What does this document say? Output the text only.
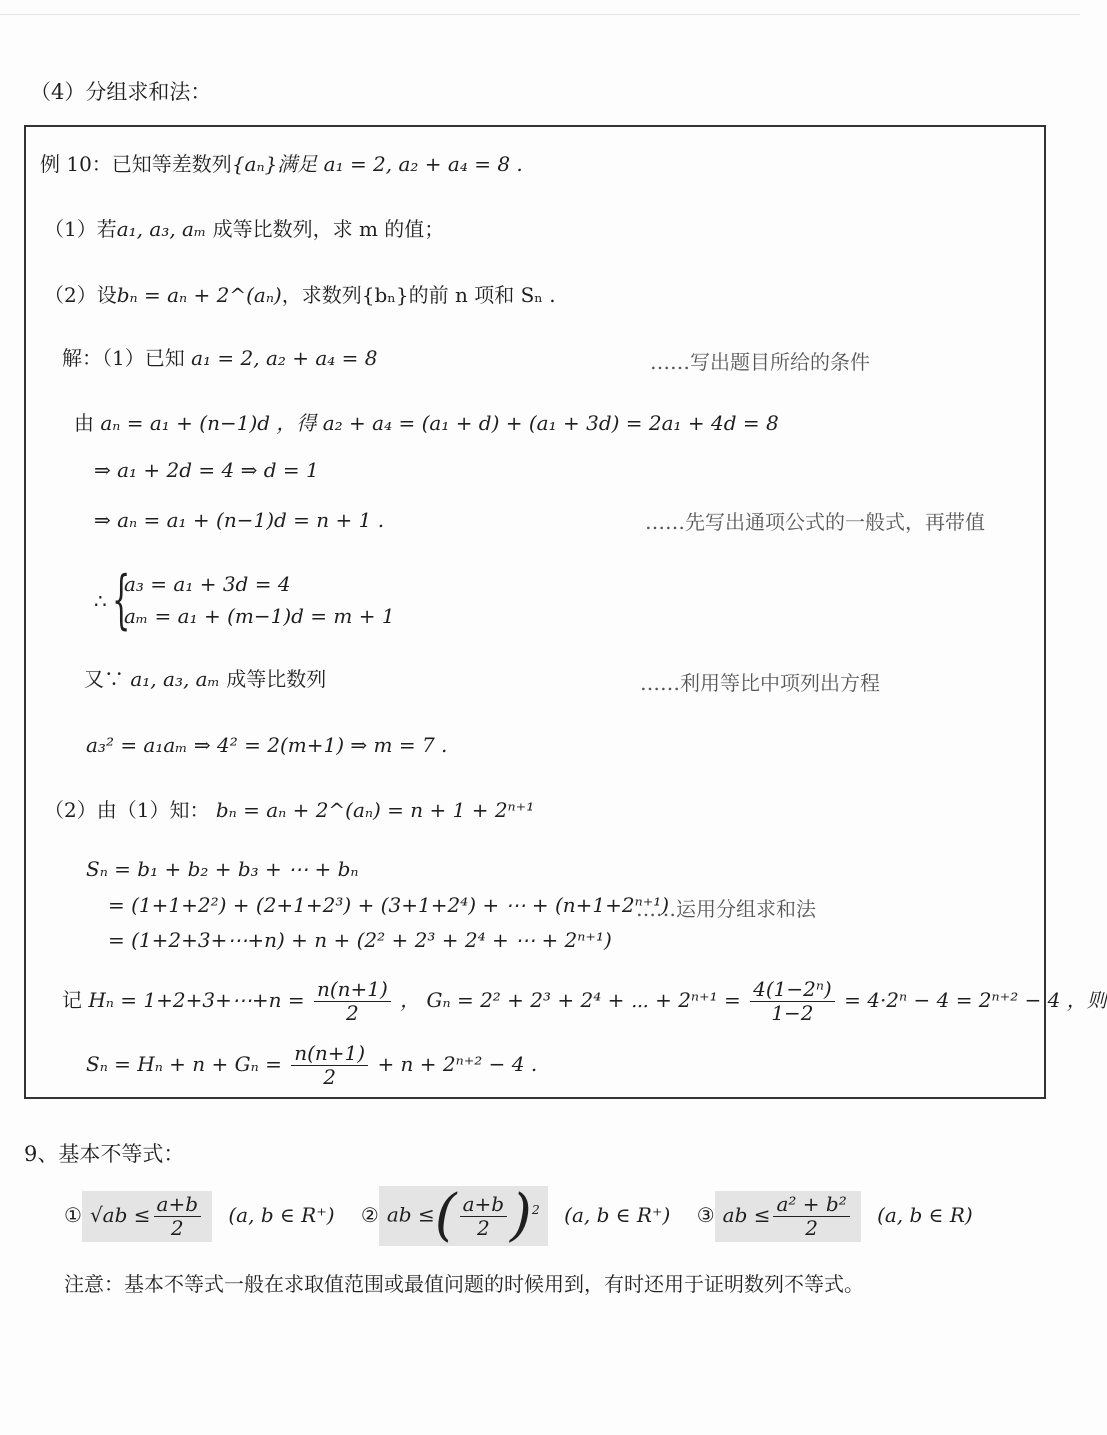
（4）分组求和法：
例 10：已知等差数列{aₙ}满足 a₁ = 2, a₂ + a₄ = 8 .
（1）若a₁, a₃, aₘ 成等比数列，求 m 的值；
（2）设bₙ = aₙ + 2^(aₙ)，求数列{bₙ}的前 n 项和 Sₙ .
解：（1）已知 a₁ = 2, a₂ + a₄ = 8	……写出题目所给的条件
由 aₙ = a₁ + (n−1)d ，得 a₂ + a₄ = (a₁ + d) + (a₁ + 3d) = 2a₁ + 4d = 8
⇒ a₁ + 2d = 4 ⇒ d = 1
⇒ aₙ = a₁ + (n−1)d = n + 1 .	……先写出通项公式的一般式，再带值
∴ {
a₃ = a₁ + 3d = 4
aₘ = a₁ + (m−1)d = m + 1
又∵ a₁, a₃, aₘ 成等比数列	……利用等比中项列出方程
a₃² = a₁aₘ ⇒ 4² = 2(m+1) ⇒ m = 7 .
（2）由（1）知： bₙ = aₙ + 2^(aₙ) = n + 1 + 2ⁿ⁺¹
Sₙ = b₁ + b₂ + b₃ + ⋯ + bₙ
= (1+1+2²) + (2+1+2³) + (3+1+2⁴) + ⋯ + (n+1+2ⁿ⁺¹)
……运用分组求和法
= (1+2+3+⋯+n) + n + (2² + 2³ + 2⁴ + ⋯ + 2ⁿ⁺¹)
记 Hₙ = 1+2+3+⋯+n = $\frac{n(n+1)}{2}$ ， Gₙ = 2² + 2³ + 2⁴ + ⋯ + $2^{n+1} = \frac{\text{4(1−2ⁿ)}}{1-2} = 4\cdot 2^n - 4 = 2^{n+2} - 4$ ，则
$S_n = H_n + n + G_n = \frac{n(n+1)}{2} + n + 2^{n+2} - 4$ .
9、基本不等式：
① $√ab \le \frac{a+b}{2} (a$, b ∈ R⁺) ② ab ≤( $\frac{a+b}{2} )^2$ (a, b ∈ R⁺) ③ ab ≤ $\frac{\text{a² + b²}}{2} (a$, b ∈ R)
注意：基本不等式一般在求取值范围或最值问题的时候用到，有时还用于证明数列不等式。
